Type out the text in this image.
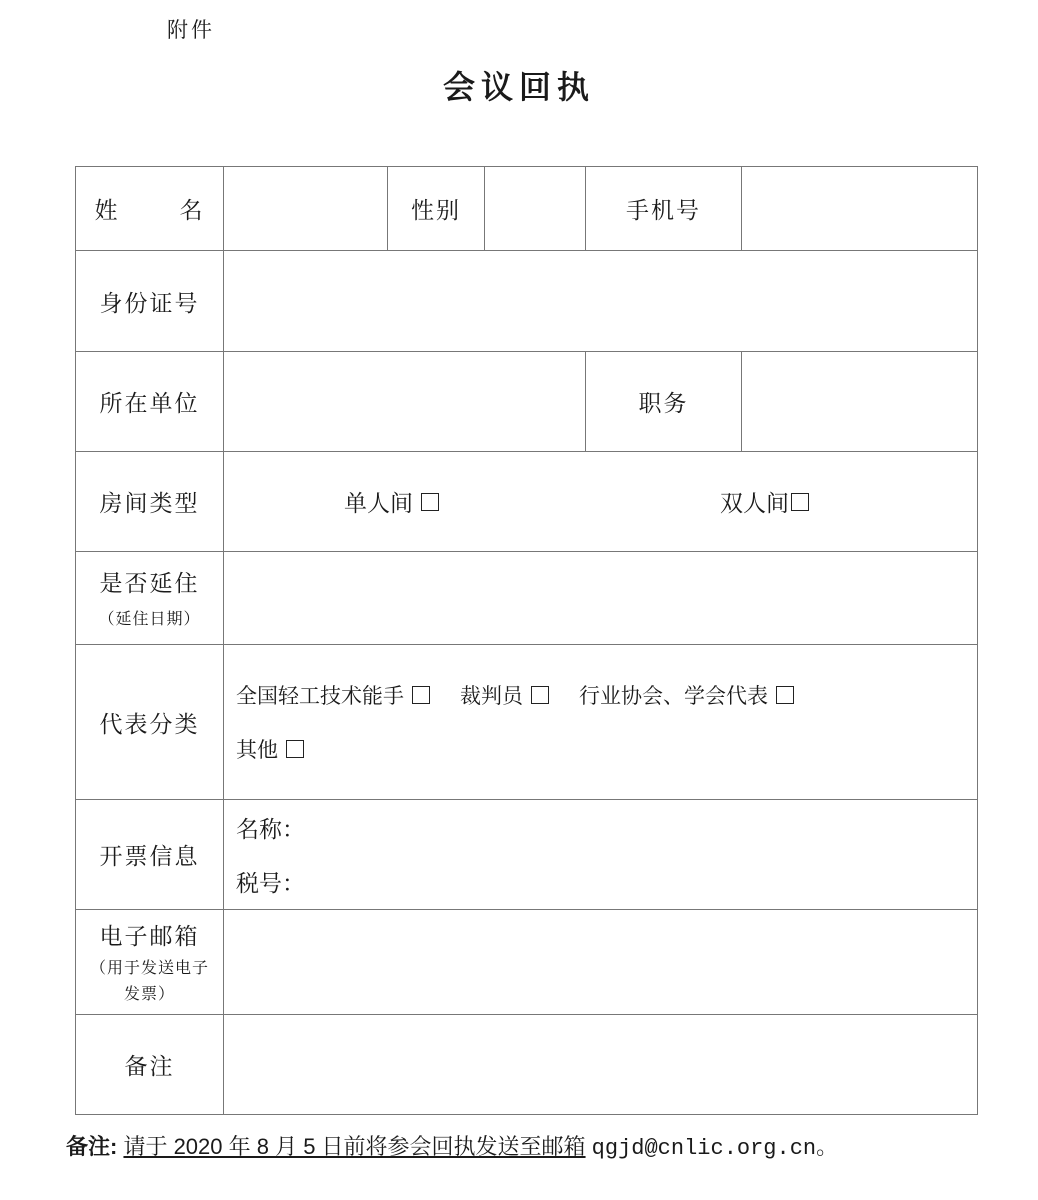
附件
会议回执
姓 名		性别		手机号	
身份证号					
所在单位				职务	
房间类型	单人间 双人间				

是否延住
（延住日期）					

代表分类	全国轻工技术能手 裁判员 行业协会、学会代表
其他				

开票信息	名称：
税号：				

电子邮箱
（用于发送电子发票）					

备注					
备注: 请于 2020 年 8 月 5 日前将参会回执发送至邮箱 qgjd@cnlic.org.cn。
